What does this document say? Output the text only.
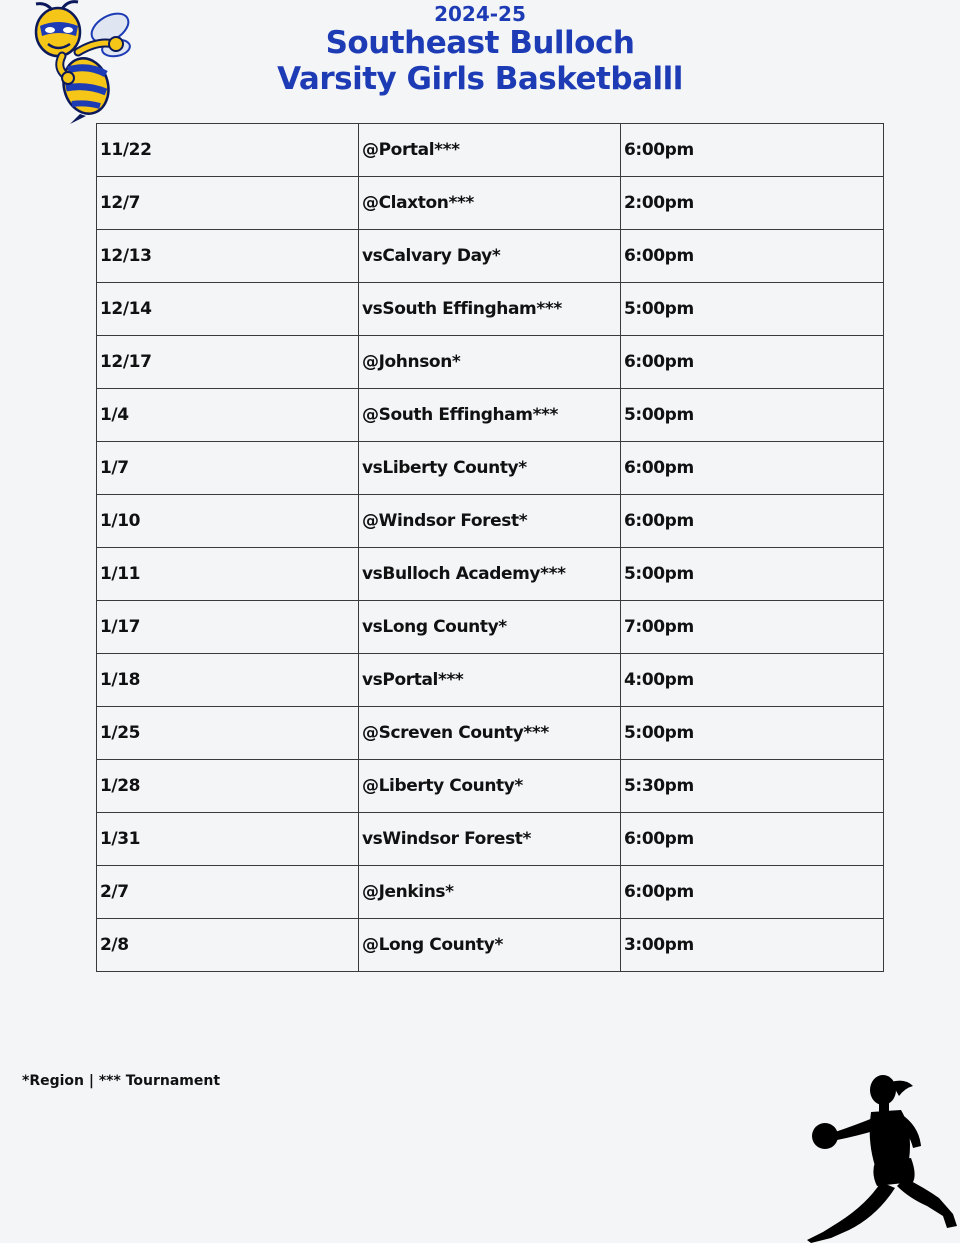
2024-25
Southeast Bulloch
Varsity Girls Basketballl
11/22	@Portal***	6:00pm
12/7	@Claxton***	2:00pm
12/13	vsCalvary Day*	6:00pm
12/14	vsSouth Effingham***	5:00pm
12/17	@Johnson*	6:00pm
1/4	@South Effingham***	5:00pm
1/7	vsLiberty County*	6:00pm
1/10	@Windsor Forest*	6:00pm
1/11	vsBulloch Academy***	5:00pm
1/17	vsLong County*	7:00pm
1/18	vsPortal***	4:00pm
1/25	@Screven County***	5:00pm
1/28	@Liberty County*	5:30pm
1/31	vsWindsor Forest*	6:00pm
2/7	@Jenkins*	6:00pm
2/8	@Long County*	3:00pm
*Region | *** Tournament
